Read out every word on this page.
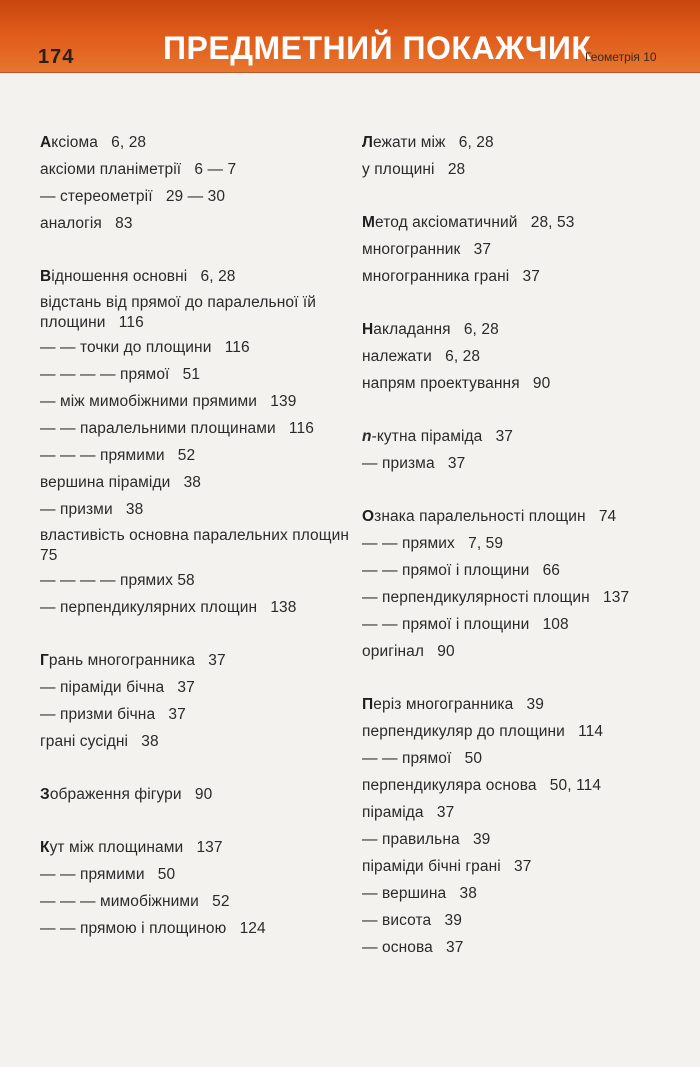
174	ПРЕДМЕТНИЙ ПОКАЖЧИК
Геометрія 10
Аксіома   6, 28
аксіоми планіметрії   6 — 7
— стереометрії   29 — 30
аналогія   83
Відношення основні   6, 28
відстань від прямої до паралельної їй площини   116
— — точки до площини   116
— — — — прямої   51
— між мимобіжними прямими   139
— — паралельними площинами   116
— — — прямими   52
вершина піраміди   38
— призми   38
властивість основна паралельних площин   75
— — — — прямих 58
— перпендикулярних площин   138
Грань многогранника   37
— піраміди бічна   37
— призми бічна   37
грані сусідні   38
Зображення фігури   90
Кут між площинами   137
— — прямими   50
— — — мимобіжними   52
— — прямою і площиною   124
Лежати між   6, 28
у площині   28
Метод аксіоматичний   28, 53
многогранник   37
многогранника грані   37
Накладання   6, 28
належати   6, 28
напрям проектування   90
n-кутна піраміда   37
— призма   37
Ознака паралельності площин   74
— — прямих   7, 59
— — прямої і площини   66
— перпендикулярності площин   137
— — прямої і площини   108
оригінал   90
Періз многогранника   39
перпендикуляр до площини   114
— — прямої   50
перпендикуляра основа   50, 114
піраміда   37
— правильна   39
піраміди бічні грані   37
— вершина   38
— висота   39
— основа   37
